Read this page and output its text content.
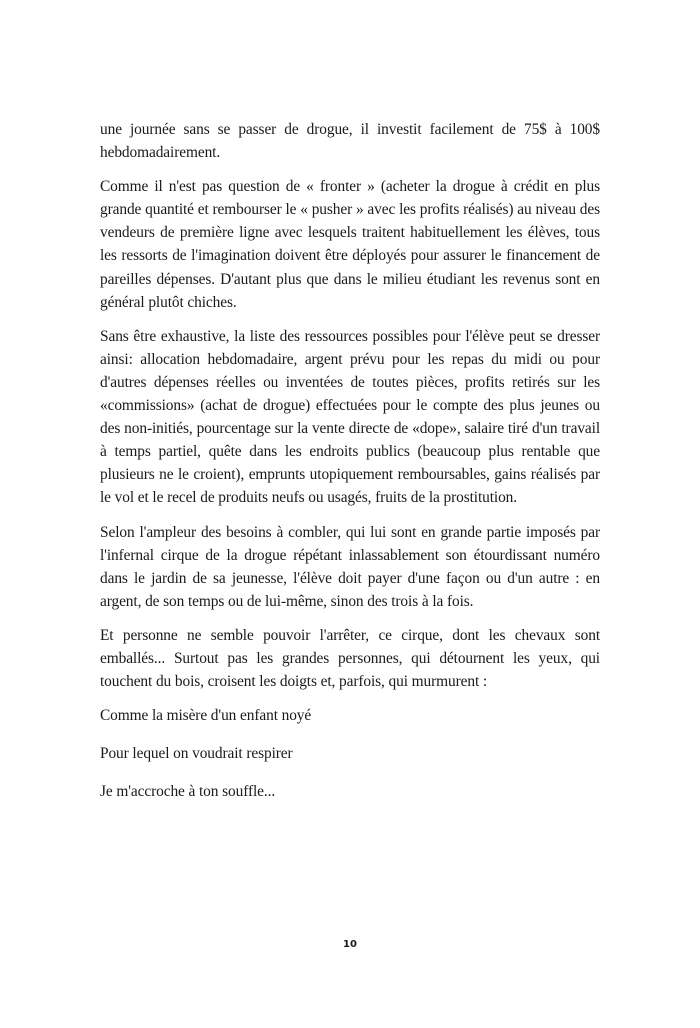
une journée sans se passer de drogue, il investit facilement de 75$ à 100$ hebdomadairement.

Comme il n'est pas question de « fronter » (acheter la drogue à crédit en plus grande quantité et rembourser le « pusher » avec les profits réalisés) au niveau des vendeurs de première ligne avec lesquels traitent habituellement les élèves, tous les ressorts de l'imagination doivent être déployés pour assurer le financement de pareilles dépenses. D'autant plus que dans le milieu étudiant les revenus sont en général plutôt chiches.

Sans être exhaustive, la liste des ressources possibles pour l'élève peut se dresser ainsi: allocation hebdomadaire, argent prévu pour les repas du midi ou pour d'autres dépenses réelles ou inventées de toutes pièces, profits retirés sur les «commissions» (achat de drogue) effectuées pour le compte des plus jeunes ou des non-initiés, pourcentage sur la vente directe de «dope», salaire tiré d'un travail à temps partiel, quête dans les endroits publics (beaucoup plus rentable que plusieurs ne le croient), emprunts utopiquement remboursables, gains réalisés par le vol et le recel de produits neufs ou usagés, fruits de la prostitution.

Selon l'ampleur des besoins à combler, qui lui sont en grande partie imposés par l'infernal cirque de la drogue répétant inlassablement son étourdissant numéro dans le jardin de sa jeunesse, l'élève doit payer d'une façon ou d'un autre : en argent, de son temps ou de lui-même, sinon des trois à la fois.

Et personne ne semble pouvoir l'arrêter, ce cirque, dont les chevaux sont emballés... Surtout pas les grandes personnes, qui détournent les yeux, qui touchent du bois, croisent les doigts et, parfois, qui murmurent :

Comme la misère d'un enfant noyé

Pour lequel on voudrait respirer

Je m'accroche à ton souffle...

10
